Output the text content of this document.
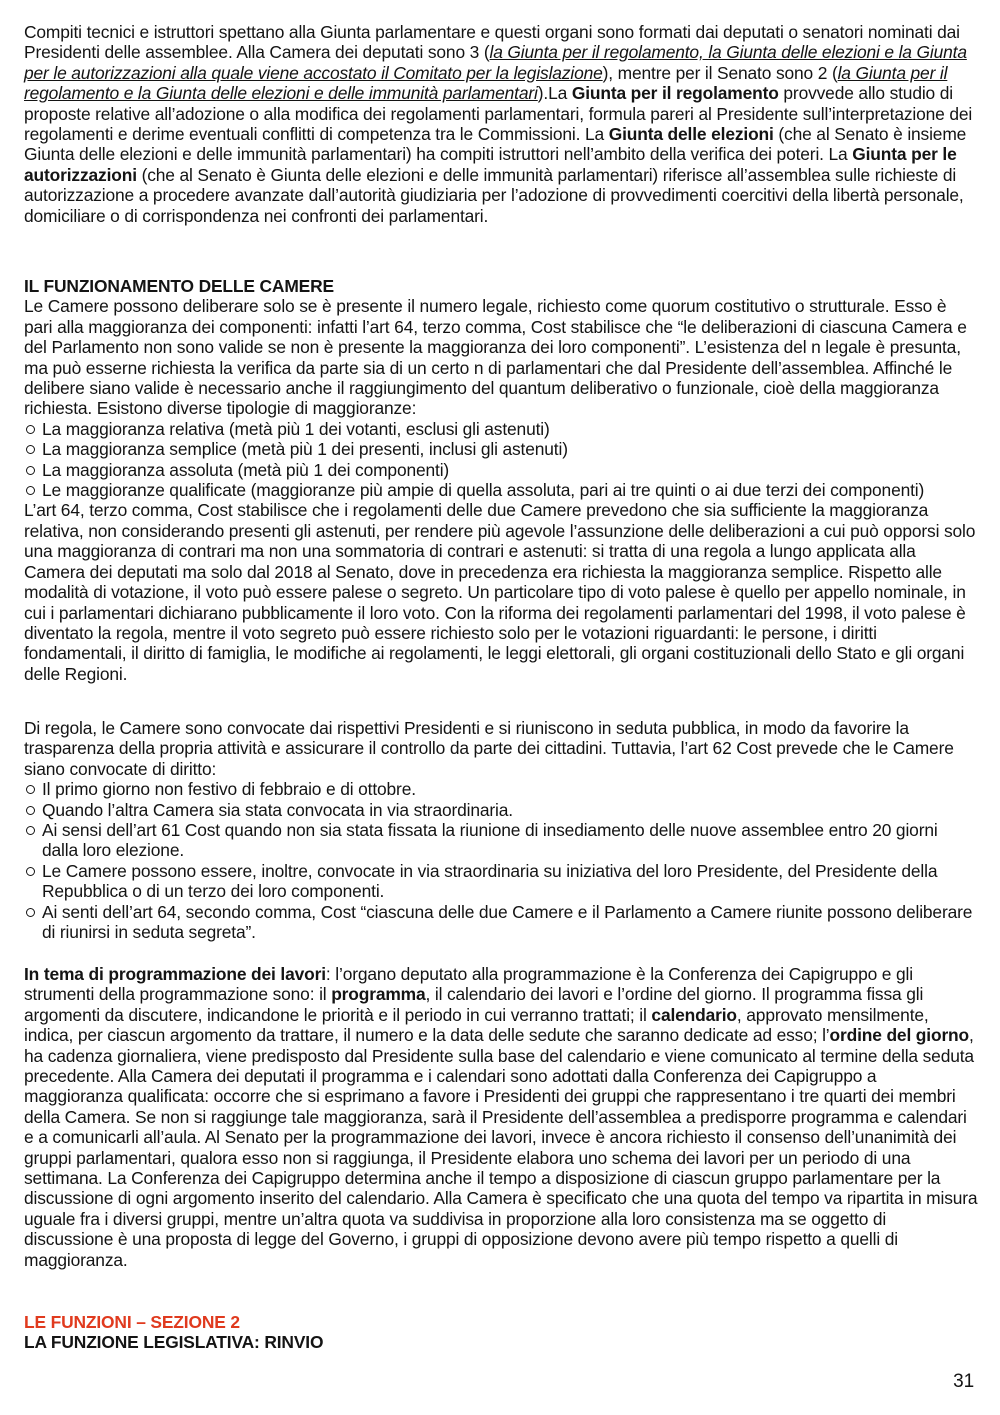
Compiti tecnici e istruttori spettano alla Giunta parlamentare e questi organi sono formati dai deputati o senatori nominati dai Presidenti delle assemblee. Alla Camera dei deputati sono 3 (la Giunta per il regolamento, la Giunta delle elezioni e la Giunta per le autorizzazioni alla quale viene accostato il Comitato per la legislazione), mentre per il Senato sono 2 (la Giunta per il regolamento e la Giunta delle elezioni e delle immunità parlamentari).La Giunta per il regolamento provvede allo studio di proposte relative all’adozione o alla modifica dei regolamenti parlamentari, formula pareri al Presidente sull’interpretazione dei regolamenti e derime eventuali conflitti di competenza tra le Commissioni. La Giunta delle elezioni (che al Senato è insieme Giunta delle elezioni e delle immunità parlamentari) ha compiti istruttori nell’ambito della verifica dei poteri. La Giunta per le autorizzazioni (che al Senato è Giunta delle elezioni e delle immunità parlamentari) riferisce all’assemblea sulle richieste di autorizzazione a procedere avanzate dall’autorità giudiziaria per l’adozione di provvedimenti coercitivi della libertà personale, domiciliare o di corrispondenza nei confronti dei parlamentari.

IL FUNZIONAMENTO DELLE CAMERE

Le Camere possono deliberare solo se è presente il numero legale, richiesto come quorum costitutivo o strutturale. Esso è pari alla maggioranza dei componenti: infatti l’art 64, terzo comma, Cost stabilisce che “le deliberazioni di ciascuna Camera e del Parlamento non sono valide se non è presente la maggioranza dei loro componenti”. L’esistenza del n legale è presunta, ma può esserne richiesta la verifica da parte sia di un certo n di parlamentari che dal Presidente dell’assemblea. Affinché le delibere siano valide è necessario anche il raggiungimento del quantum deliberativo o funzionale, cioè della maggioranza richiesta. Esistono diverse tipologie di maggioranze:

La maggioranza relativa (metà più 1 dei votanti, esclusi gli astenuti)
La maggioranza semplice (metà più 1 dei presenti, inclusi gli astenuti)
La maggioranza assoluta (metà più 1 dei componenti)
Le maggioranze qualificate (maggioranze più ampie di quella assoluta, pari ai tre quinti o ai due terzi dei componenti)

L’art 64, terzo comma, Cost stabilisce che i regolamenti delle due Camere prevedono che sia sufficiente la maggioranza relativa, non considerando presenti gli astenuti, per rendere più agevole l’assunzione delle deliberazioni a cui può opporsi solo una maggioranza di contrari ma non una sommatoria di contrari e astenuti: si tratta di una regola a lungo applicata alla Camera dei deputati ma solo dal 2018 al Senato, dove in precedenza era richiesta la maggioranza semplice. Rispetto alle modalità di votazione, il voto può essere palese o segreto. Un particolare tipo di voto palese è quello per appello nominale, in cui i parlamentari dichiarano pubblicamente il loro voto. Con la riforma dei regolamenti parlamentari del 1998, il voto palese è diventato la regola, mentre il voto segreto può essere richiesto solo per le votazioni riguardanti: le persone, i diritti fondamentali, il diritto di famiglia, le modifiche ai regolamenti, le leggi elettorali, gli organi costituzionali dello Stato e gli organi delle Regioni.

Di regola, le Camere sono convocate dai rispettivi Presidenti e si riuniscono in seduta pubblica, in modo da favorire la trasparenza della propria attività e assicurare il controllo da parte dei cittadini. Tuttavia, l’art 62 Cost prevede che le Camere siano convocate di diritto:

Il primo giorno non festivo di febbraio e di ottobre.
Quando l’altra Camera sia stata convocata in via straordinaria.
Ai sensi dell’art 61 Cost quando non sia stata fissata la riunione di insediamento delle nuove assemblee entro 20 giorni dalla loro elezione.
Le Camere possono essere, inoltre, convocate in via straordinaria su iniziativa del loro Presidente, del Presidente della Repubblica o di un terzo dei loro componenti.
Ai senti dell’art 64, secondo comma, Cost “ciascuna delle due Camere e il Parlamento a Camere riunite possono deliberare di riunirsi in seduta segreta”.

In tema di programmazione dei lavori: l’organo deputato alla programmazione è la Conferenza dei Capigruppo e gli strumenti della programmazione sono: il programma, il calendario dei lavori e l’ordine del giorno. Il programma fissa gli argomenti da discutere, indicandone le priorità e il periodo in cui verranno trattati; il calendario, approvato mensilmente, indica, per ciascun argomento da trattare, il numero e la data delle sedute che saranno dedicate ad esso; l’ordine del giorno, ha cadenza giornaliera, viene predisposto dal Presidente sulla base del calendario e viene comunicato al termine della seduta precedente. Alla Camera dei deputati il programma e i calendari sono adottati dalla Conferenza dei Capigruppo a maggioranza qualificata: occorre che si esprimano a favore i Presidenti dei gruppi che rappresentano i tre quarti dei membri della Camera. Se non si raggiunge tale maggioranza, sarà il Presidente dell’assemblea a predisporre programma e calendari e a comunicarli all’aula. Al Senato per la programmazione dei lavori, invece è ancora richiesto il consenso dell’unanimità dei gruppi parlamentari, qualora esso non si raggiunga, il Presidente elabora uno schema dei lavori per un periodo di una settimana. La Conferenza dei Capigruppo determina anche il tempo a disposizione di ciascun gruppo parlamentare per la discussione di ogni argomento inserito del calendario. Alla Camera è specificato che una quota del tempo va ripartita in misura uguale fra i diversi gruppi, mentre un’altra quota va suddivisa in proporzione alla loro consistenza ma se oggetto di discussione è una proposta di legge del Governo, i gruppi di opposizione devono avere più tempo rispetto a quelli di maggioranza.

LE FUNZIONI – SEZIONE 2

LA FUNZIONE LEGISLATIVA: RINVIO

31
